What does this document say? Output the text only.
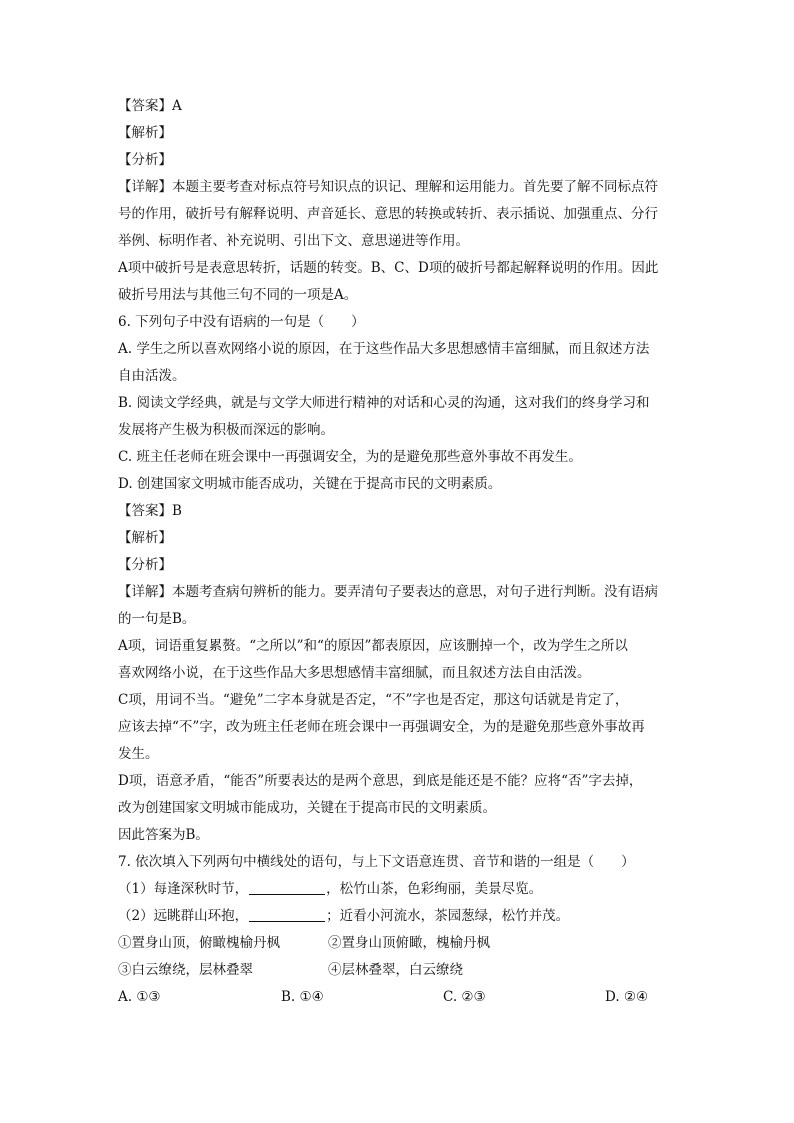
【答案】A
【解析】
【分析】
【详解】本题主要考查对标点符号知识点的识记、理解和运用能力。首先要了解不同标点符
号的作用，破折号有解释说明、声音延长、意思的转换或转折、表示插说、加强重点、分行
举例、标明作者、补充说明、引出下文、意思递进等作用。
A项中破折号是表意思转折，话题的转变。B、C、D项的破折号都起解释说明的作用。因此
破折号用法与其他三句不同的一项是A。
6. 下列句子中没有语病的一句是（　　）
A. 学生之所以喜欢网络小说的原因，在于这些作品大多思想感情丰富细腻，而且叙述方法
自由活泼。
B. 阅读文学经典，就是与文学大师进行精神的对话和心灵的沟通，这对我们的终身学习和
发展将产生极为积极而深远的影响。
C. 班主任老师在班会课中一再强调安全，为的是避免那些意外事故不再发生。
D. 创建国家文明城市能否成功，关键在于提高市民的文明素质。
【答案】B
【解析】
【分析】
【详解】本题考查病句辨析的能力。要弄清句子要表达的意思，对句子进行判断。没有语病
的一句是B。
A项，词语重复累赘。“之所以”和“的原因”都表原因，应该删掉一个，改为学生之所以
喜欢网络小说，在于这些作品大多思想感情丰富细腻，而且叙述方法自由活泼。
C项，用词不当。“避免”二字本身就是否定，“不”字也是否定，那这句话就是肯定了，
应该去掉“不”字，改为班主任老师在班会课中一再强调安全，为的是避免那些意外事故再
发生。
D项，语意矛盾，“能否”所要表达的是两个意思，到底是能还是不能？应将“否”字去掉，
改为创建国家文明城市能成功，关键在于提高市民的文明素质。
因此答案为B。
7. 依次填入下列两句中横线处的语句，与上下文语意连贯、音节和谐的一组是（　　）
（1）每逢深秋时节，	，松竹山茶，色彩绚丽，美景尽览。
（2）远眺群山环抱，	；近看小河流水，茶园葱绿，松竹并茂。
①置身山顶，俯瞰槐榆丹枫	②置身山顶俯瞰，槐榆丹枫
③白云缭绕，层林叠翠	④层林叠翠，白云缭绕
A. ①③	B. ①④	C. ②③	D. ②④
